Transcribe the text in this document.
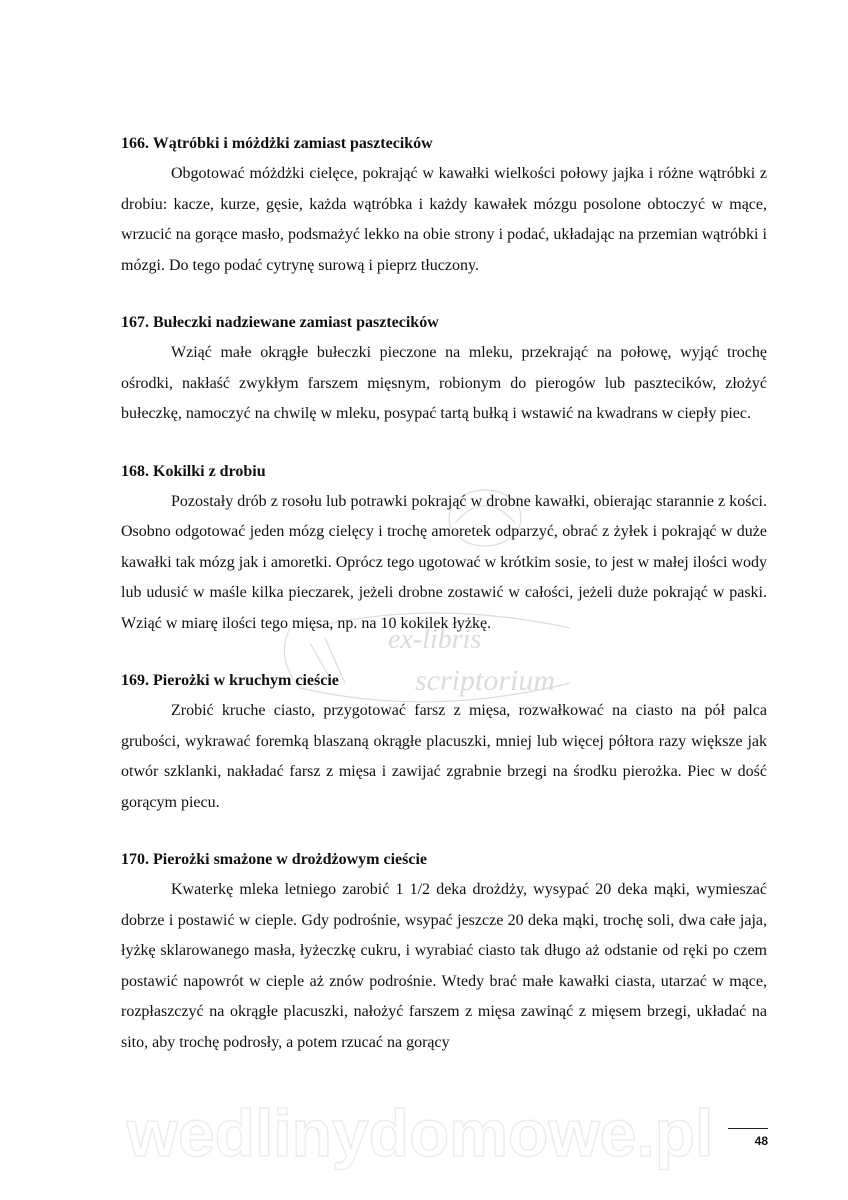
ex-libris
scriptorium
166. Wątróbki i móżdżki zamiast pasztecików

Obgotować móżdżki cielęce, pokrająć w kawałki wielkości połowy jajka i różne wątróbki z drobiu: kacze, kurze, gęsie, każda wątróbka i każdy kawałek mózgu posolone obtoczyć w mące, wrzucić na gorące masło, podsmażyć lekko na obie strony i podać, układając na przemian wątróbki i mózgi. Do tego podać cytrynę surową i pieprz tłuczony.

167. Bułeczki nadziewane zamiast pasztecików

Wziąć małe okrągłe bułeczki pieczone na mleku, przekrająć na połowę, wyjąć trochę ośrodki, nakłaść zwykłym farszem mięsnym, robionym do pierogów lub pasztecików, złożyć bułeczkę, namoczyć na chwilę w mleku, posypać tartą bułką i wstawić na kwadrans w ciepły piec.

168. Kokilki z drobiu

Pozostały drób z rosołu lub potrawki pokrająć w drobne kawałki, obierając starannie z kości. Osobno odgotować jeden mózg cielęcy i trochę amoretek odparzyć, obrać z żyłek i pokrająć w duże kawałki tak mózg jak i amoretki. Oprócz tego ugotować w krótkim sosie, to jest w małej ilości wody lub udusić w maśle kilka pieczarek, jeżeli drobne zostawić w całości, jeżeli duże pokrająć w paski. Wziąć w miarę ilości tego mięsa, np. na 10 kokilek łyżkę.

169. Pierożki w kruchym cieście

Zrobić kruche ciasto, przygotować farsz z mięsa, rozwałkować na ciasto na pół palca grubości, wykrawać foremką blaszaną okrągłe placuszki, mniej lub więcej półtora razy większe jak otwór szklanki, nakładać farsz z mięsa i zawijać zgrabnie brzegi na środku pierożka. Piec w dość gorącym piecu.

170. Pierożki smażone w drożdżowym cieście

Kwaterkę mleka letniego zarobić 1 1/2 deka drożdży, wysypać 20 deka mąki, wymieszać dobrze i postawić w cieple. Gdy podrośnie, wsypać jeszcze 20 deka mąki, trochę soli, dwa całe jaja, łyżkę sklarowanego masła, łyżeczkę cukru, i wyrabiać ciasto tak długo aż odstanie od ręki po czem postawić napowrót w cieple aż znów podrośnie. Wtedy brać małe kawałki ciasta, utarzać w mące, rozpłaszczyć na okrągłe placuszki, nałożyć farszem z mięsa zawinąć z mięsem brzegi, układać na sito, aby trochę podrosły, a potem rzucać na gorący

wedlinydomowe.pl	48
